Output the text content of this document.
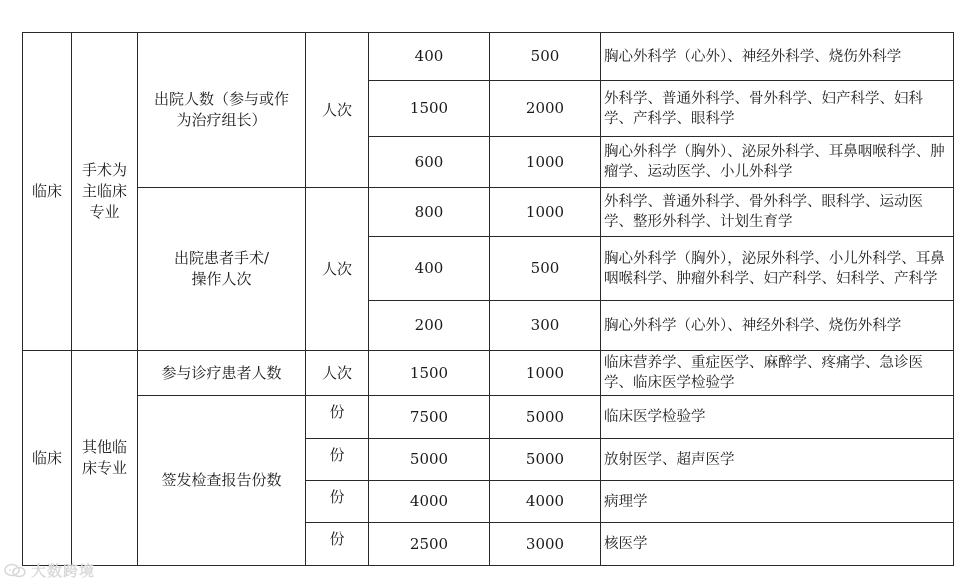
临床	手术为主临床专业	出院人数（参与或作为治疗组长）	人次	400	500	胸心外科学（心外）、神经外科学、烧伤外科学
				1500	2000	外科学、普通外科学、骨外科学、妇产科学、妇科学、产科学、眼科学
				600	1000	胸心外科学（胸外）、泌尿外科学、耳鼻咽喉科学、肿瘤学、运动医学、小儿外科学
		出院患者手术/操作人次	人次	800	1000	外科学、普通外科学、骨外科学、眼科学、运动医学、整形外科学、计划生育学
				400	500	胸心外科学（胸外），泌尿外科学、小儿外科学、耳鼻咽喉科学、肿瘤外科学、妇产科学、妇科学、产科学
				200	300	胸心外科学（心外）、神经外科学、烧伤外科学
临床	其他临床专业	参与诊疗患者人数	人次	1500	1000	临床营养学、重症医学、麻醉学、疼痛学、急诊医学、临床医学检验学
		签发检查报告份数	份	7500	5000	临床医学检验学
			份	5000	5000	放射医学、超声医学
			份	4000	4000	病理学
			份	2500	3000	核医学
大数跨境
